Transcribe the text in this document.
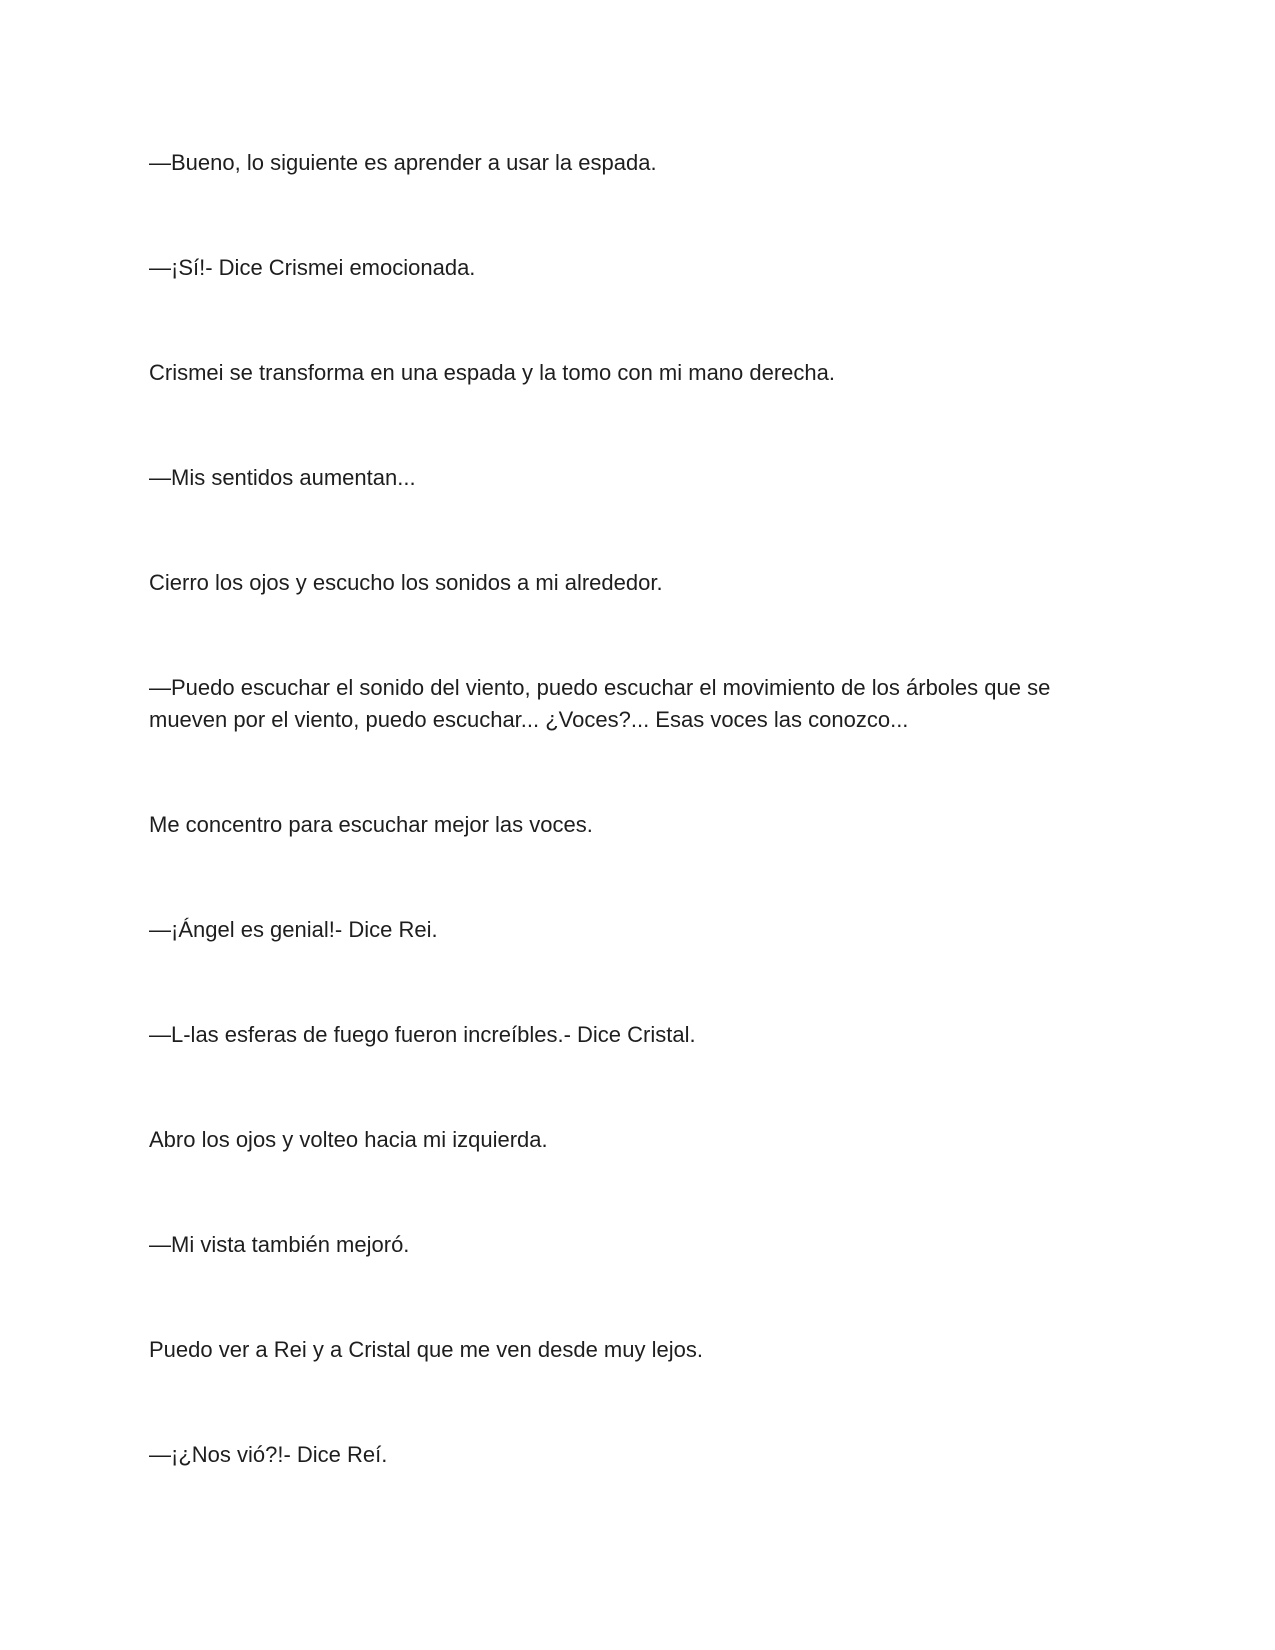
—Bueno, lo siguiente es aprender a usar la espada.

—¡Sí!- Dice Crismei emocionada.

Crismei se transforma en una espada y la tomo con mi mano derecha.

—Mis sentidos aumentan...

Cierro los ojos y escucho los sonidos a mi alrededor.

—Puedo escuchar el sonido del viento, puedo escuchar el movimiento de los árboles que se mueven por el viento, puedo escuchar... ¿Voces?... Esas voces las conozco...

Me concentro para escuchar mejor las voces.

—¡Ángel es genial!- Dice Rei.

—L-las esferas de fuego fueron increíbles.- Dice Cristal.

Abro los ojos y volteo hacia mi izquierda.

—Mi vista también mejoró.

Puedo ver a Rei y a Cristal que me ven desde muy lejos.

—¡¿Nos vió?!- Dice Reí.
